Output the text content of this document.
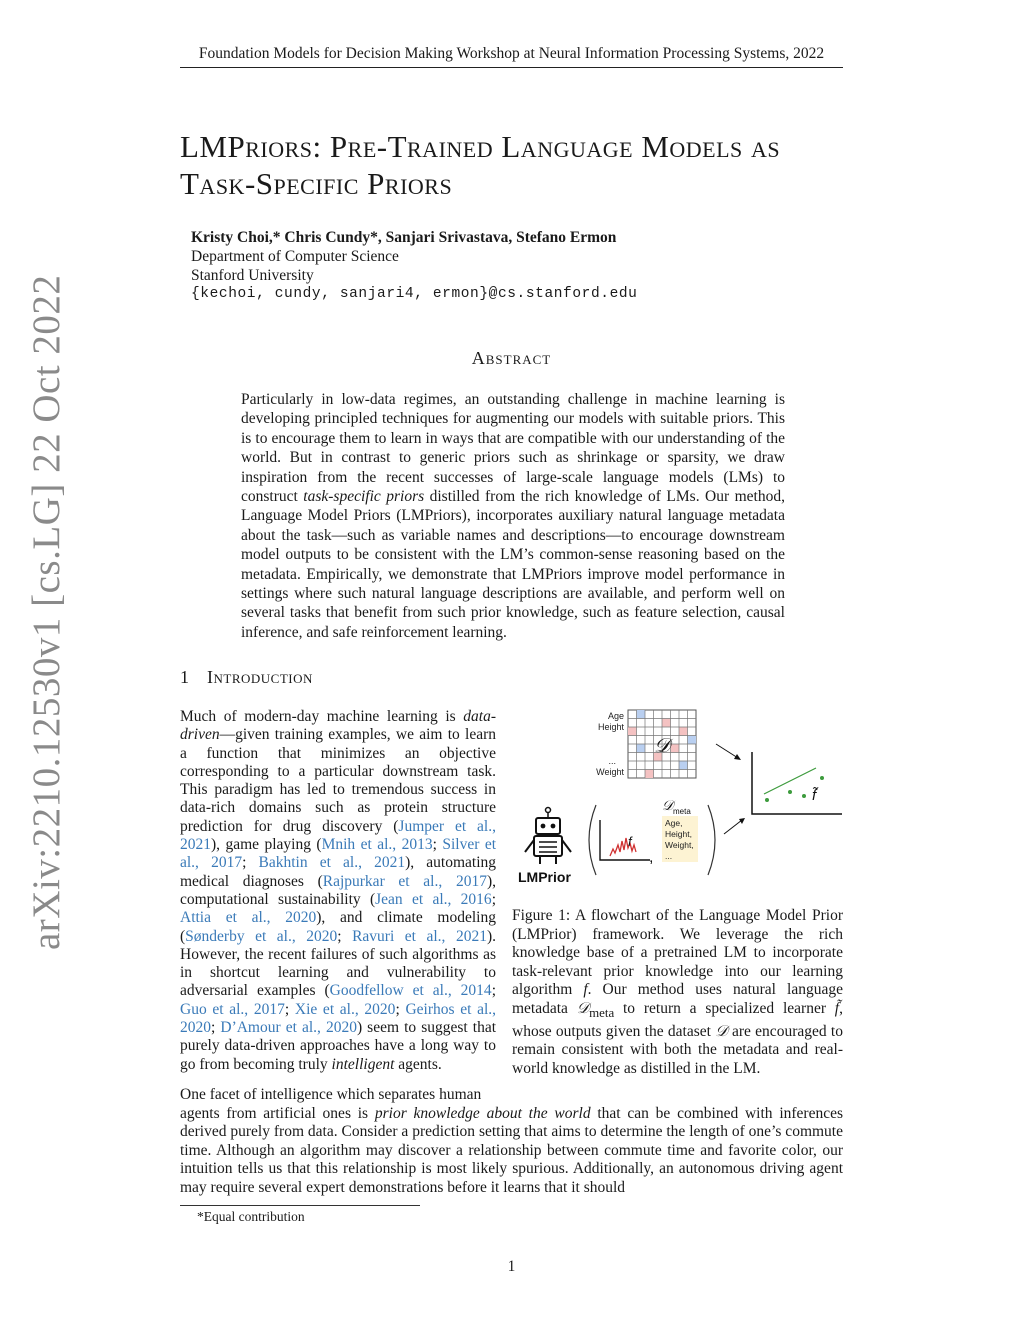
Foundation Models for Decision Making Workshop at Neural Information Processing Systems, 2022
LMPriors: Pre-Trained Language Models as
Task-Specific Priors
Kristy Choi,* Chris Cundy*, Sanjari Srivastava, Stefano Ermon
Department of Computer Science
Stanford University
{kechoi, cundy, sanjari4, ermon}@cs.stanford.edu
arXiv:2210.12530v1 [cs.LG] 22 Oct 2022	Abstract
Particularly in low-data regimes, an outstanding challenge in machine learning is developing principled techniques for augmenting our models with suitable priors. This is to encourage them to learn in ways that are compatible with our understanding of the world. But in contrast to generic priors such as shrinkage or sparsity, we draw inspiration from the recent successes of large-scale language models (LMs) to construct task-specific priors distilled from the rich knowledge of LMs. Our method, Language Model Priors (LMPriors), incorporates auxiliary natural language metadata about the task—such as variable names and descriptions—to encourage downstream model outputs to be consistent with the LM’s common-sense reasoning based on the metadata. Empirically, we demonstrate that LMPriors improve model performance in settings where such natural language descriptions are available, and perform well on several tasks that benefit from such prior knowledge, such as feature selection, causal inference, and safe reinforcement learning.
1 Introduction
Much of modern-day machine learning is data-driven—given training examples, we aim to learn a function that minimizes an objective corresponding to a particular downstream task. This paradigm has led to tremendous success in data-rich domains such as protein structure prediction for drug discovery (Jumper et al., 2021), game playing (Mnih et al., 2013; Silver et al., 2017; Bakhtin et al., 2021), automating medical diagnoses (Rajpurkar et al., 2017), computational sustainability (Jean et al., 2016; Attia et al., 2020), and climate modeling (Sønderby et al., 2020; Ravuri et al., 2021). However, the recent failures of such algorithms as in shortcut learning and vulnerability to adversarial examples (Goodfellow et al., 2014; Guo et al., 2017; Xie et al., 2020; Geirhos et al., 2020; D’Amour et al., 2020) seem to suggest that purely data-driven approaches have a long way to go from becoming truly intelligent agents.
Age
Height
...
Weight
𝒟
f̃
LMPrior
f
,
𝒟 meta
Age,
Height,
Weight,
...
Figure 1: A flowchart of the Language Model Prior (LMPrior) framework. We leverage the rich knowledge base of a pretrained LM to incorporate task-relevant prior knowledge into our learning algorithm f. Our method uses natural language metadata 𝒟$_{meta}$ to return a specialized learner f̃, whose outputs given the dataset 𝒟 are encouraged to remain consistent with both the metadata and real-world knowledge as distilled in the LM.
One facet of intelligence which separates human
agents from artificial ones is prior knowledge about the world that can be combined with inferences derived purely from data. Consider a prediction setting that aims to determine the length of one’s commute time. Although an algorithm may discover a relationship between commute time and favorite color, our intuition tells us that this relationship is most likely spurious. Additionally, an autonomous driving agent may require several expert demonstrations before it learns that it should
*Equal contribution
1
